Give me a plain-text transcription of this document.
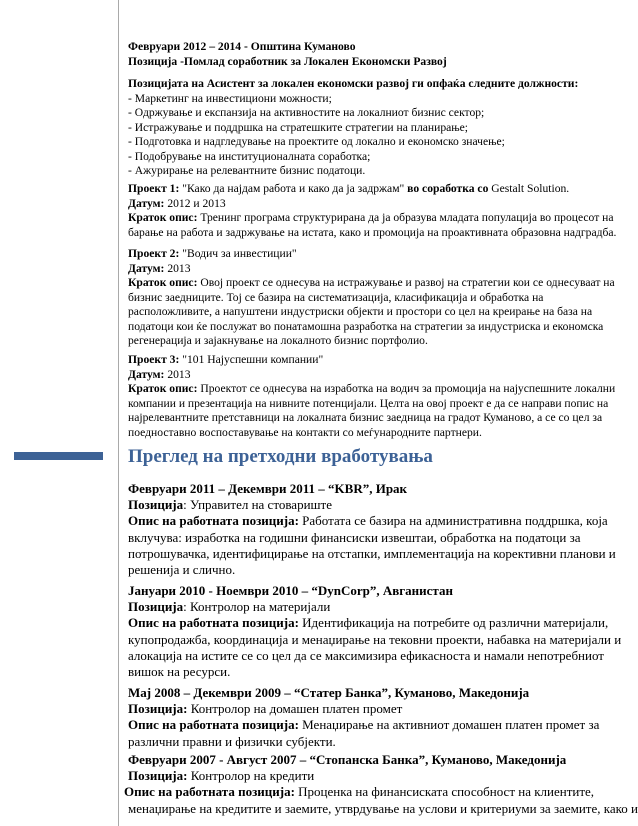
Февруари 2012 – 2014 - Општина Куманово
Позиција -Помлад соработник за Локален Економски Развој
Позицијата на Асистент за локален економски развој ги опфаќа следните должности:
- Маркетинг на инвестициони можности;
- Одржување и експанзија на активностите на локалниот бизнис сектор;
- Истражување и поддршка на стратешките стратегии на планирање;
- Подготовка и надгледување на проектите од локално и економско значење;
- Подобрување на институционалната соработка;
- Ажурирање на релевантните бизнис податоци.
Проект 1: "Како да најдам работа и како да ја задржам" во соработка со Gestalt Solution.
Датум: 2012 и 2013
Краток опис: Тренинг програма структурирана да ја образува младата популација во процесот на
барање на работа и задржување на истата, како и промоција на проактивната образовна надградба.
Проект 2: "Водич за инвестиции"
Датум: 2013
Краток опис: Овој проект се однесува на истражување и развој на стратегии кои се однесуваат на
бизнис заедниците. Тој се базира на систематизација, класификација и обработка на
расположливите, а напуштени индустриски објекти и простори со цел на креирање на база на
податоци кои ќе послужат во понатамошна разработка на стратегии за индустриска и економска
регенерација и зајакнување на локалното бизнис портфолио.
Проект 3: "101 Најуспешни компании"
Датум: 2013
Краток опис: Проектот се однесува на изработка на водич за промоција на најуспешните локални
компании и презентација на нивните потенцијали. Целта на овој проект е да се направи попис на
најрелевантните претставници на локалната бизнис заедница на градот Куманово, а се со цел за
поедноставно воспоставување на контакти со меѓународните партнери.
Преглед на претходни вработувања
Февруари 2011 – Декември 2011 – “KBR”, Ирак
Позиција: Управител на стовариште
Опис на работната позиција: Работата се базира на административна поддршка, која
вклучува: изработка на годишни финансиски извештаи, обработка на податоци за
потрошувачка, идентифицирање на отстапки, имплементација на корективни планови и
решенија и слично.
Јануари 2010 - Ноември 2010 – “DynCorp”, Авганистан
Позиција: Контролор на материјали
Опис на работната позиција: Идентификација на потребите од различни материјали,
купопродажба, координација и менаџирање на тековни проекти, набавка на материјали и
алокација на истите се со цел да се максимизира ефикасноста и намали непотребниот
вишок на ресурси.
Мај 2008 – Декември 2009 – “Статер Банка”, Куманово, Македонија
Позиција: Контролор на домашен платен промет
Опис на работната позиција: Менаџирање на активниот домашен платен промет за
различни правни и физички субјекти.
Февруари 2007 - Август 2007 – “Стопанска Банка”, Куманово, Македонија
Позиција: Контролор на кредити
Опис на работната позиција: Проценка на финансиската способност на клиентите,
менаџирање на кредитите и заемите, утврдување на услови и критериуми за заемите, како и
